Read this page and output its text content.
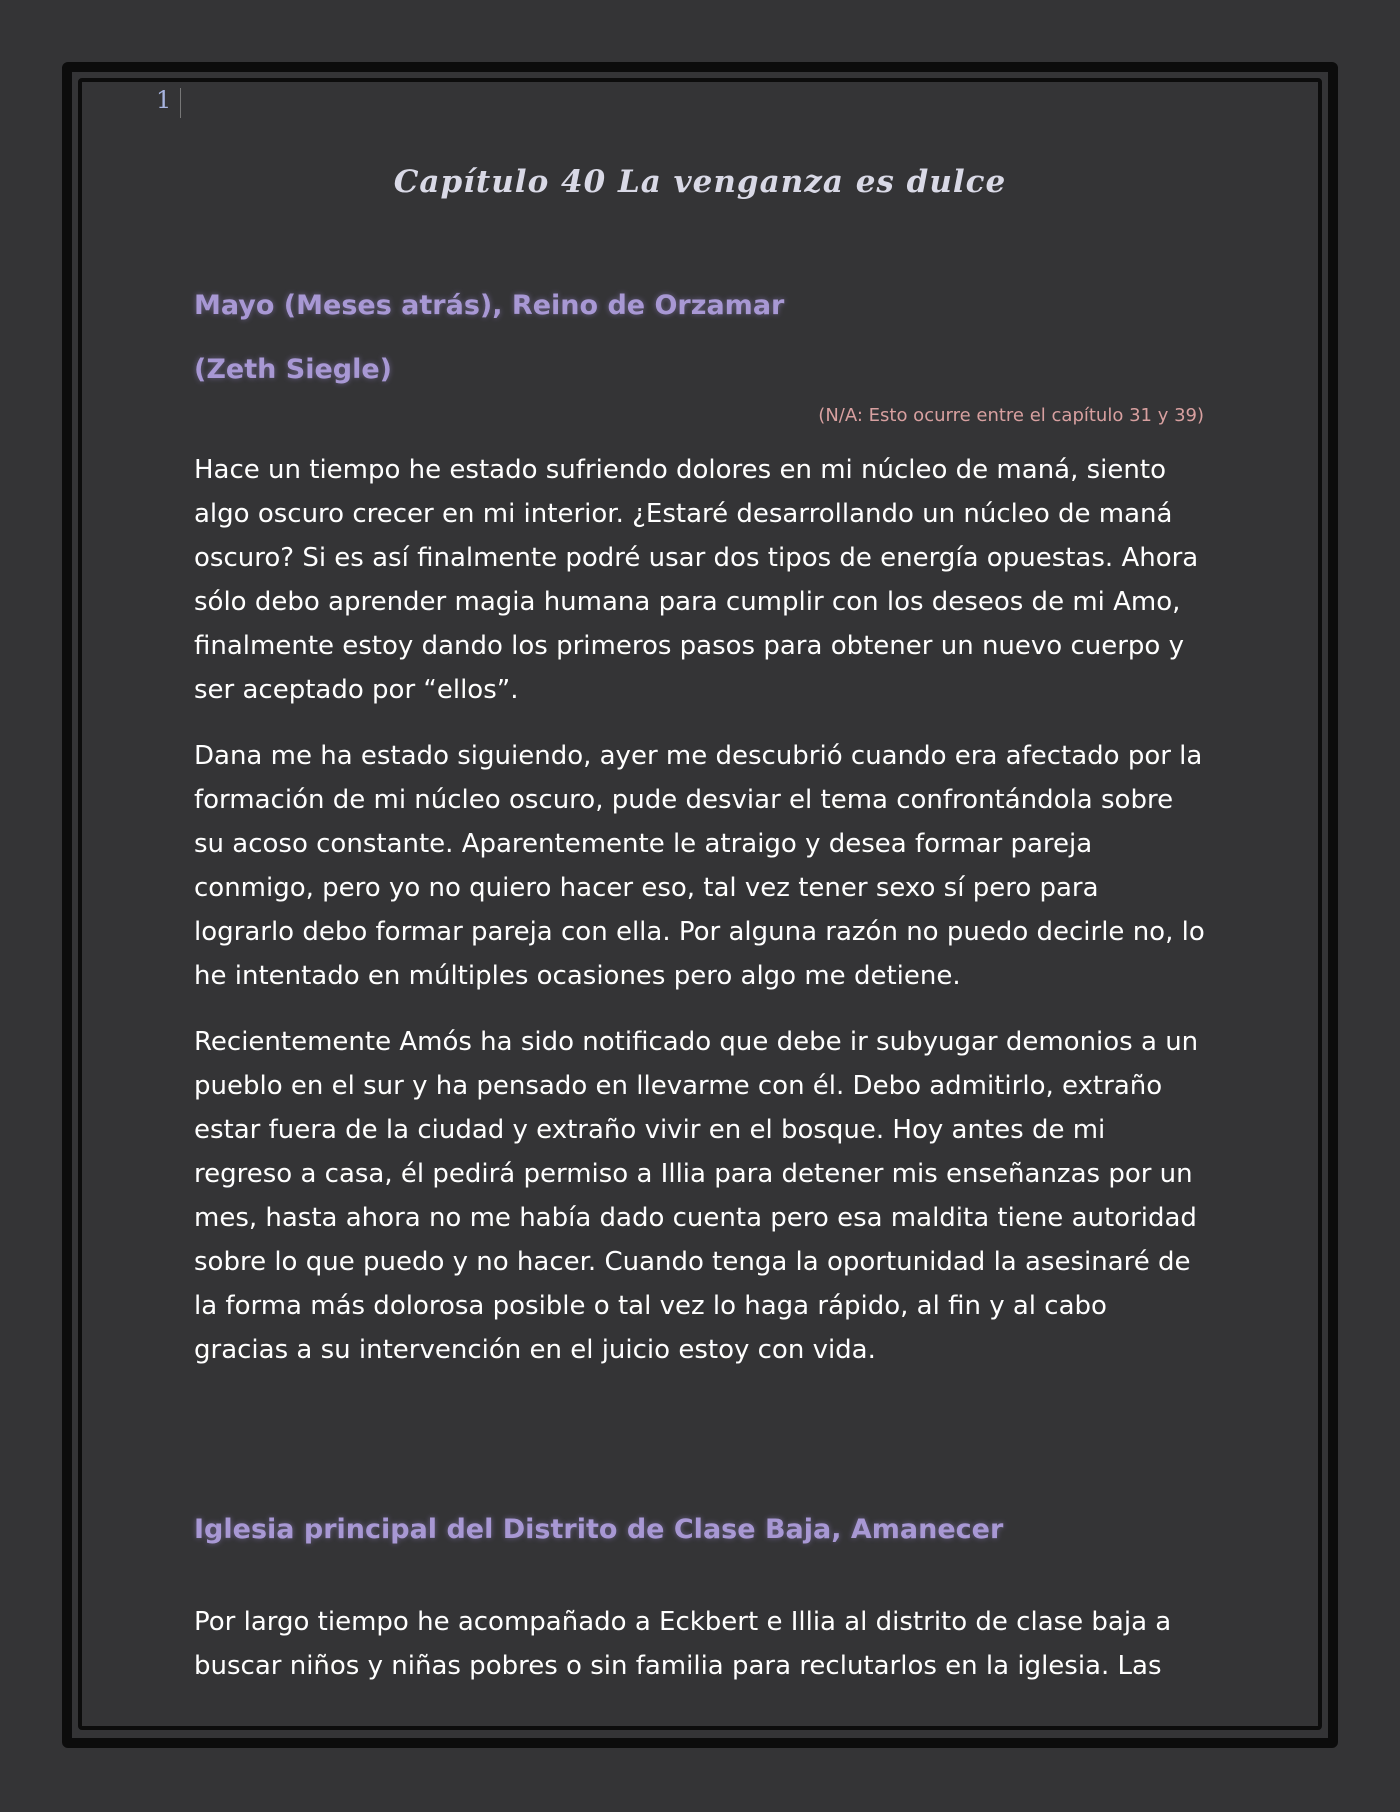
1
Capítulo 40 La venganza es dulce
Mayo (Meses atrás), Reino de Orzamar
(Zeth Siegle)
(N/A: Esto ocurre entre el capítulo 31 y 39)

Hace un tiempo he estado sufriendo dolores en mi núcleo de maná, siento algo oscuro crecer en mi interior. ¿Estaré desarrollando un núcleo de maná oscuro? Si es así finalmente podré usar dos tipos de energía opuestas. Ahora sólo debo aprender magia humana para cumplir con los deseos de mi Amo, finalmente estoy dando los primeros pasos para obtener un nuevo cuerpo y ser aceptado por “ellos”.

Dana me ha estado siguiendo, ayer me descubrió cuando era afectado por la formación de mi núcleo oscuro, pude desviar el tema confrontándola sobre su acoso constante. Aparentemente le atraigo y desea formar pareja conmigo, pero yo no quiero hacer eso, tal vez tener sexo sí pero para lograrlo debo formar pareja con ella. Por alguna razón no puedo decirle no, lo he intentado en múltiples ocasiones pero algo me detiene.

Recientemente Amós ha sido notificado que debe ir subyugar demonios a un pueblo en el sur y ha pensado en llevarme con él. Debo admitirlo, extraño estar fuera de la ciudad y extraño vivir en el bosque. Hoy antes de mi regreso a casa, él pedirá permiso a Illia para detener mis enseñanzas por un mes, hasta ahora no me había dado cuenta pero esa maldita tiene autoridad sobre lo que puedo y no hacer. Cuando tenga la oportunidad la asesinaré de la forma más dolorosa posible o tal vez lo haga rápido, al fin y al cabo gracias a su intervención en el juicio estoy con vida.

Iglesia principal del Distrito de Clase Baja, Amanecer

Por largo tiempo he acompañado a Eckbert e Illia al distrito de clase baja a buscar niños y niñas pobres o sin familia para reclutarlos en la iglesia. Las
